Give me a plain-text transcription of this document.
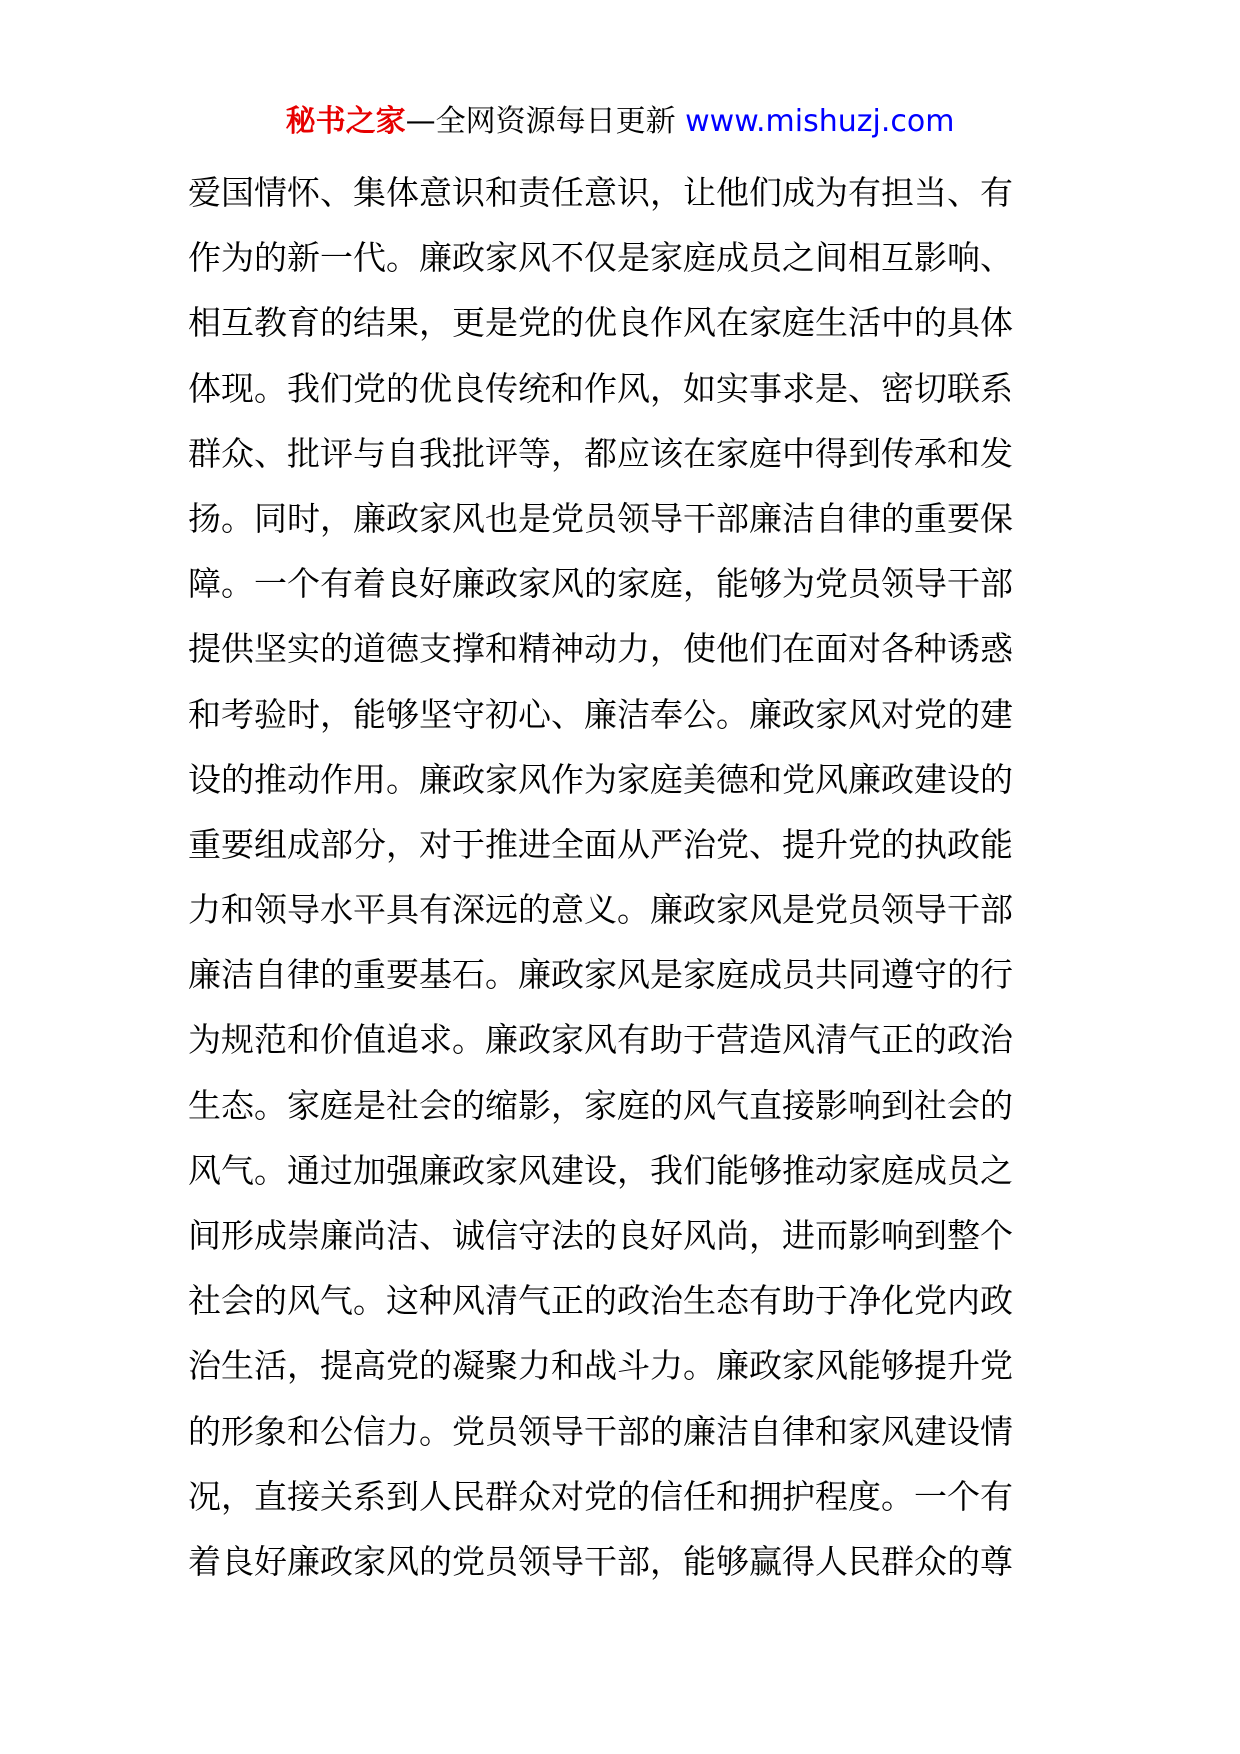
秘书之家—全网资源每日更新 www.mishuzj.com
爱国情怀、集体意识和责任意识，让他们成为有担当、有
作为的新一代。廉政家风不仅是家庭成员之间相互影响、
相互教育的结果，更是党的优良作风在家庭生活中的具体
体现。我们党的优良传统和作风，如实事求是、密切联系
群众、批评与自我批评等，都应该在家庭中得到传承和发
扬。同时，廉政家风也是党员领导干部廉洁自律的重要保
障。一个有着良好廉政家风的家庭，能够为党员领导干部
提供坚实的道德支撑和精神动力，使他们在面对各种诱惑
和考验时，能够坚守初心、廉洁奉公。廉政家风对党的建
设的推动作用。廉政家风作为家庭美德和党风廉政建设的
重要组成部分，对于推进全面从严治党、提升党的执政能
力和领导水平具有深远的意义。廉政家风是党员领导干部
廉洁自律的重要基石。廉政家风是家庭成员共同遵守的行
为规范和价值追求。廉政家风有助于营造风清气正的政治
生态。家庭是社会的缩影，家庭的风气直接影响到社会的
风气。通过加强廉政家风建设，我们能够推动家庭成员之
间形成崇廉尚洁、诚信守法的良好风尚，进而影响到整个
社会的风气。这种风清气正的政治生态有助于净化党内政
治生活，提高党的凝聚力和战斗力。廉政家风能够提升党
的形象和公信力。党员领导干部的廉洁自律和家风建设情
况，直接关系到人民群众对党的信任和拥护程度。一个有
着良好廉政家风的党员领导干部，能够赢得人民群众的尊
